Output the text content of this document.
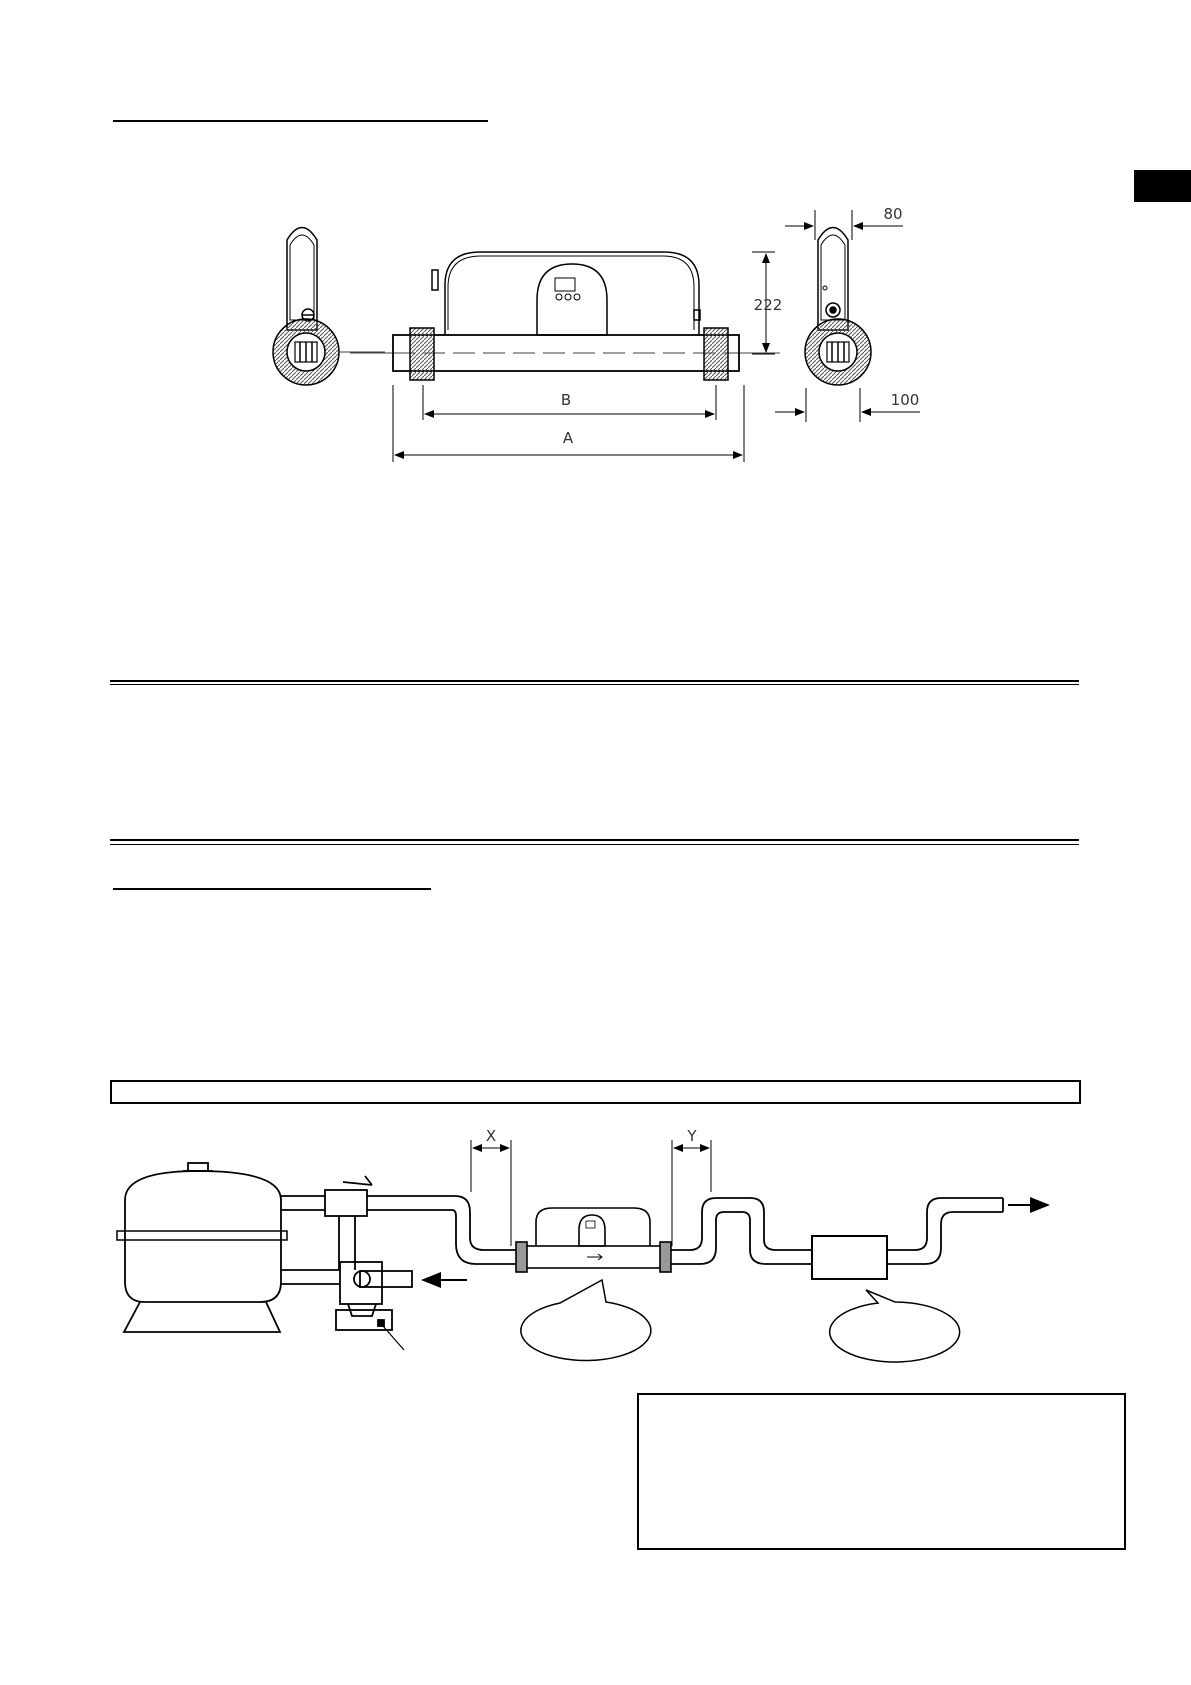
B
A
222
80
100
X	Y
